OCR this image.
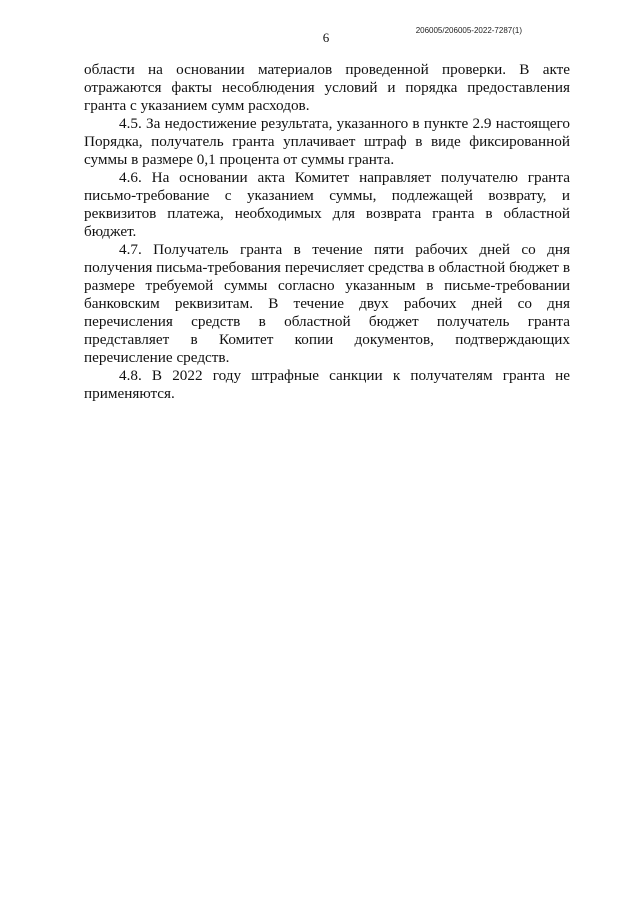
206005/206005-2022-7287(1)
6

области на основании материалов проведенной проверки. В акте отражаются факты несоблюдения условий и порядка предоставления гранта с указанием сумм расходов.

4.5. За недостижение результата, указанного в пункте 2.9 настоящего Порядка, получатель гранта уплачивает штраф в виде фиксированной суммы в размере 0,1 процента от суммы гранта.

4.6. На основании акта Комитет направляет получателю гранта письмо-требование с указанием суммы, подлежащей возврату, и реквизитов платежа, необходимых для возврата гранта в областной бюджет.

4.7. Получатель гранта в течение пяти рабочих дней со дня получения письма-требования перечисляет средства в областной бюджет в размере требуемой суммы согласно указанным в письме-требовании банковским реквизитам. В течение двух рабочих дней со дня перечисления средств в областной бюджет получатель гранта представляет в Комитет копии документов, подтверждающих перечисление средств.

4.8. В 2022 году штрафные санкции к получателям гранта не применяются.
